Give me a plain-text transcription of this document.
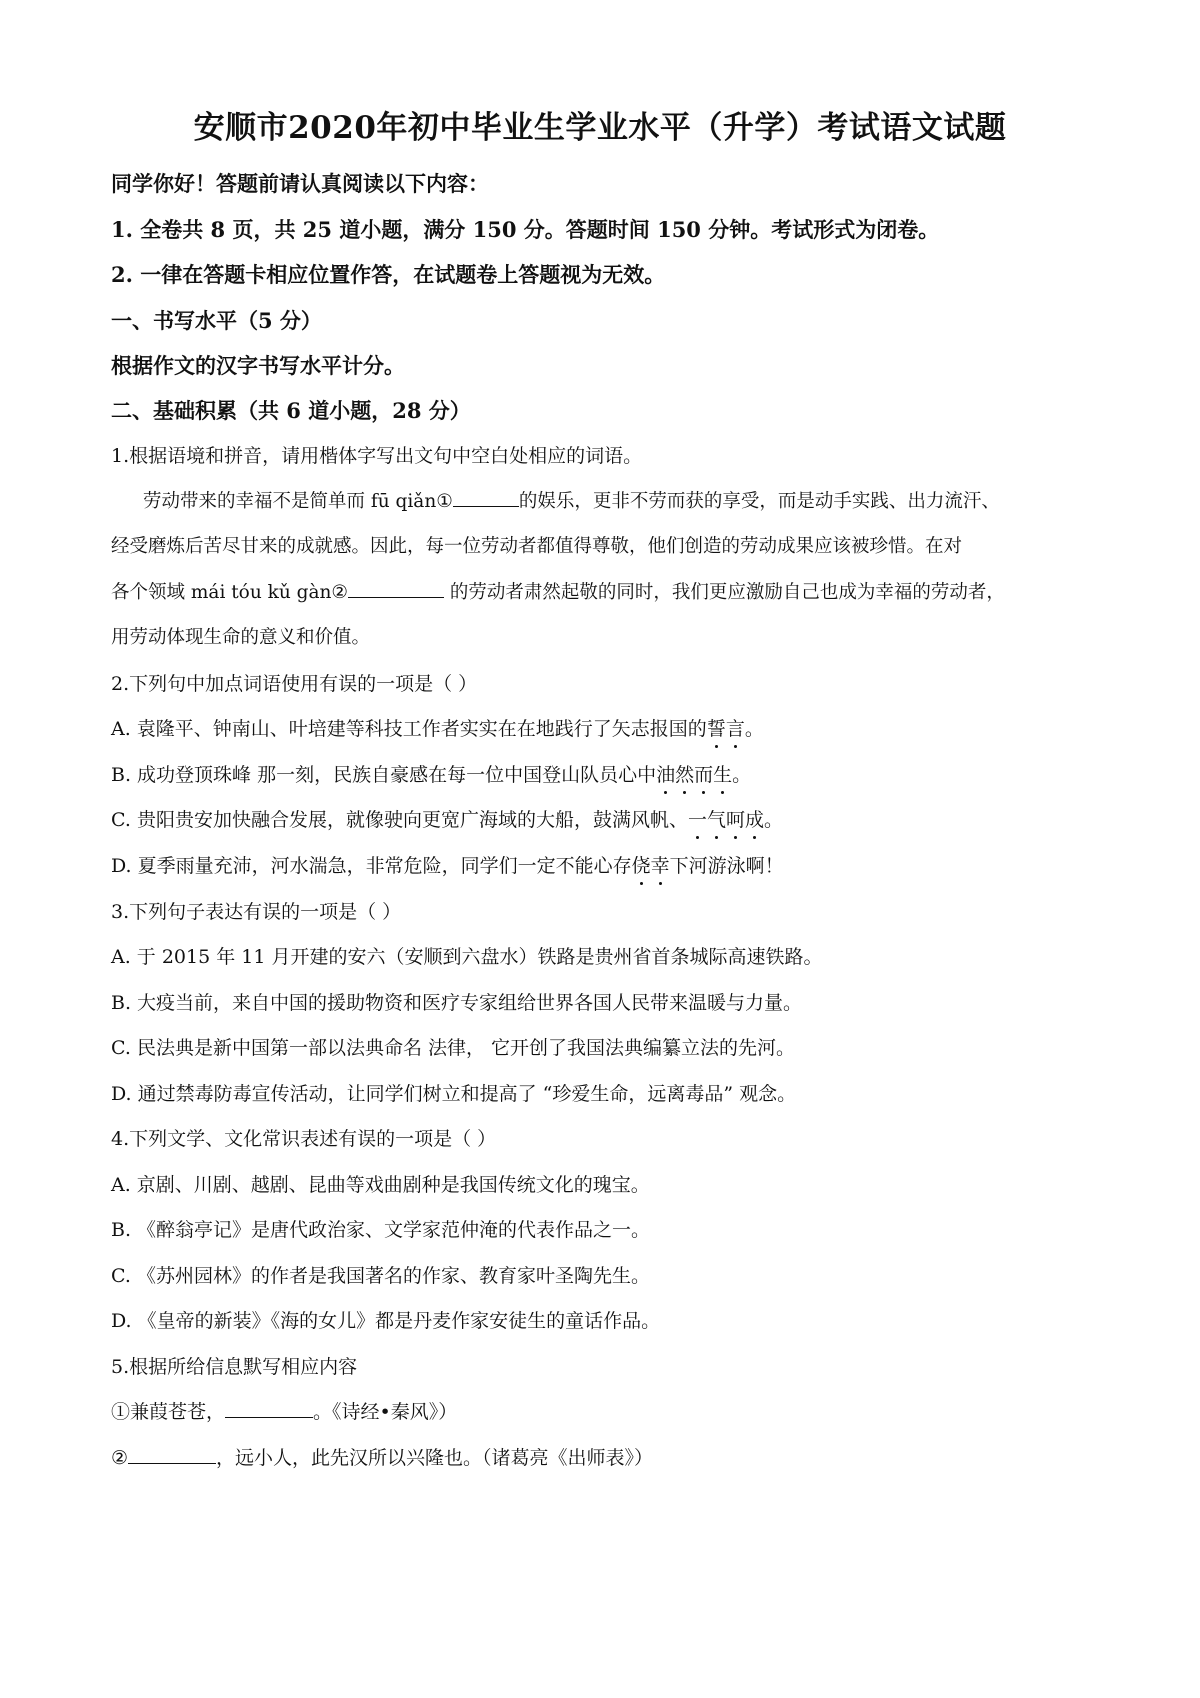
安顺市2020年初中毕业生学业水平（升学）考试语文试题
同学你好！答题前请认真阅读以下内容：
1. 全卷共 8 页，共 25 道小题，满分 150 分。答题时间 150 分钟。考试形式为闭卷。
2. 一律在答题卡相应位置作答，在试题卷上答题视为无效。
一、书写水平（5 分）
根据作文的汉字书写水平计分。
二、基础积累（共 6 道小题，28 分）
1.根据语境和拼音，请用楷体字写出文句中空白处相应的词语。
劳动带来的幸福不是简单而 fū qiǎn①	的娱乐，更非不劳而获的享受，而是动手实践、出力流汗、
经受磨炼后苦尽甘来的成就感。因此，每一位劳动者都值得尊敬，他们创造的劳动成果应该被珍惜。在对
各个领域 mái tóu kǔ gàn②	的劳动者肃然起敬的同时，我们更应激励自己也成为幸福的劳动者，
用劳动体现生命的意义和价值。
2.下列句中加点词语使用有误的一项是（ ）
A. 袁隆平、钟南山、叶培建等科技工作者实实在在地践行了矢志报国的誓言。
B. 成功登顶珠峰 那一刻，民族自豪感在每一位中国登山队员心中油然而生。
C. 贵阳贵安加快融合发展，就像驶向更宽广海域的大船，鼓满风帆、一气呵成。
D. 夏季雨量充沛，河水湍急，非常危险，同学们一定不能心存侥幸下河游泳啊！
3.下列句子表达有误的一项是（ ）
A. 于 2015 年 11 月开建的安六（安顺到六盘水）铁路是贵州省首条城际高速铁路。
B. 大疫当前，来自中国的援助物资和医疗专家组给世界各国人民带来温暖与力量。
C. 民法典是新中国第一部以法典命名 法律， 它开创了我国法典编纂立法的先河。
D. 通过禁毒防毒宣传活动，让同学们树立和提高了 “珍爱生命，远离毒品” 观念。
4.下列文学、文化常识表述有误的一项是（ ）
A. 京剧、川剧、越剧、昆曲等戏曲剧种是我国传统文化的瑰宝。
B. 《醉翁亭记》是唐代政治家、文学家范仲淹的代表作品之一。
C. 《苏州园林》的作者是我国著名的作家、教育家叶圣陶先生。
D. 《皇帝的新装》《海的女儿》都是丹麦作家安徒生的童话作品。
5.根据所给信息默写相应内容
①兼葭苍苍，	。《诗经•秦风》）
②	，远小人，此先汉所以兴隆也。（诸葛亮《出师表》）
